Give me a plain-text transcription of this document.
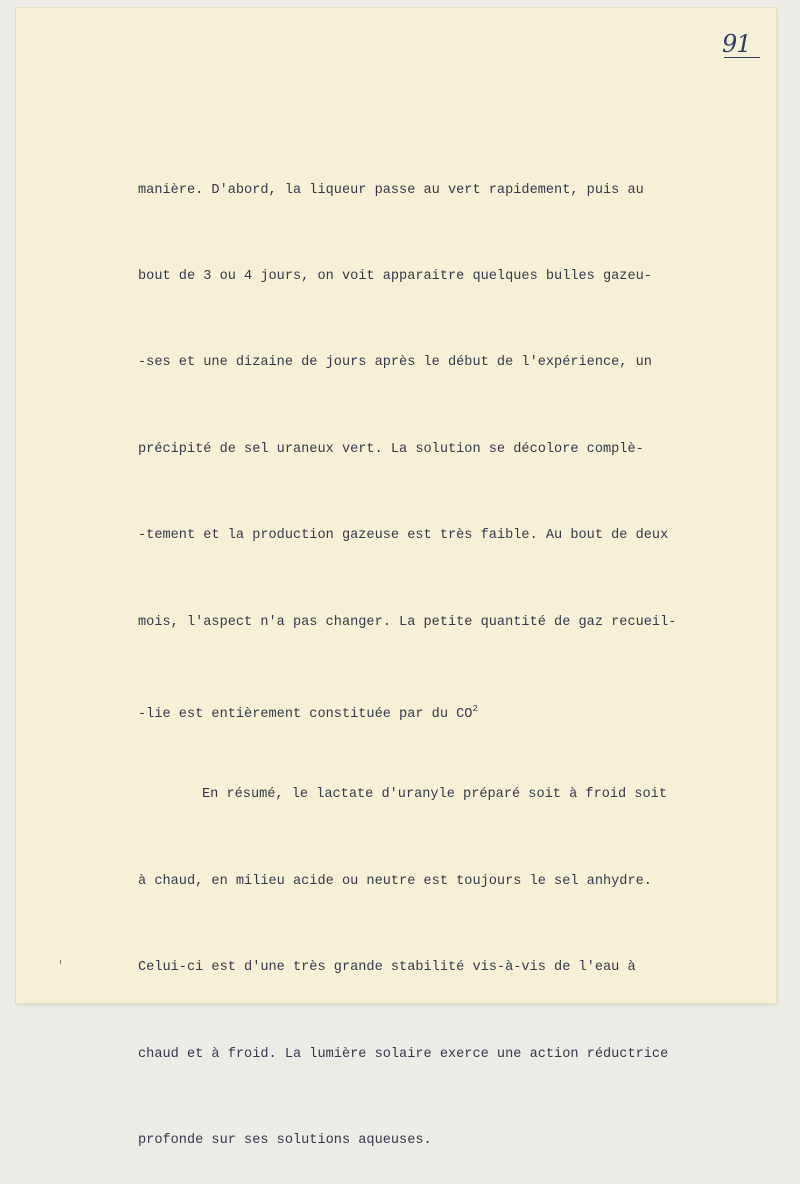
91

manière. D'abord, la liqueur passe au vert rapidement, puis au

bout de 3 ou 4 jours, on voit apparaitre quelques bulles gazeu-

-ses et une dizaine de jours après le début de l'expérience, un

précipité de sel uraneux vert. La solution se décolore complè-

-tement et la production gazeuse est très faible. Au bout de deux

mois, l'aspect n'a pas changer. La petite quantité de gaz recueil-

-lie est entièrement constituée par du $CO^2$

En résumé, le lactate d'uranyle préparé soit à froid soit

à chaud, en milieu acide ou neutre est toujours le sel anhydre.

Celui-ci est d'une très grande stabilité vis-à-vis de l'eau à

chaud et à froid. La lumière solaire exerce une action réductrice

profonde sur ses solutions aqueuses.
